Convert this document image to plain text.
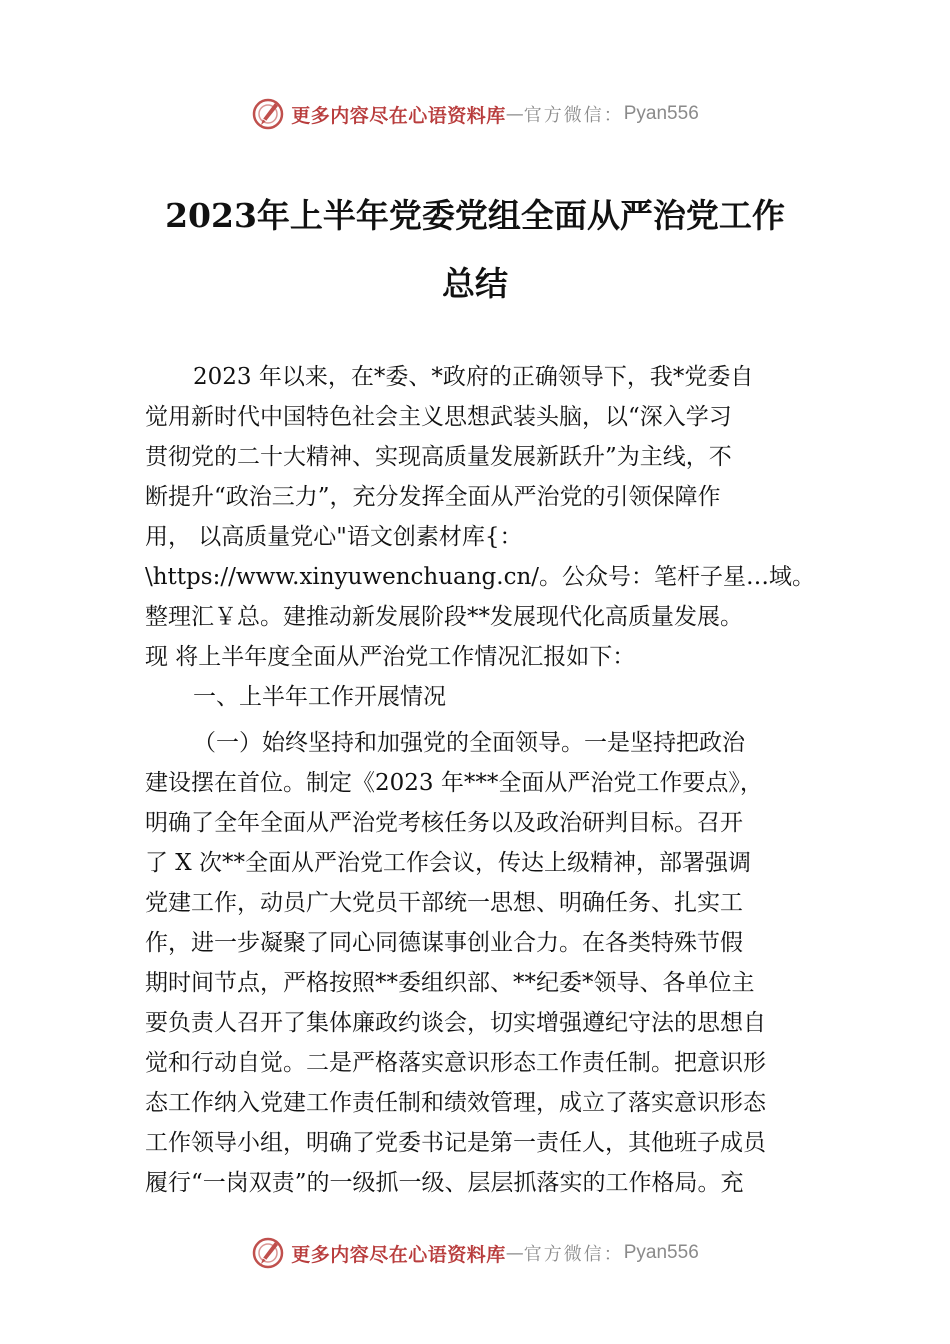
更多内容尽在心语资料库 — 官方微信： Pyan556
2023年上半年党委党组全面从严治党工作
总结
2023 年以来，在*委、*政府的正确领导下，我*党委自
觉用新时代中国特色社会主义思想武装头脑，以“深入学习
贯彻党的二十大精神、实现高质量发展新跃升”为主线，不
断提升“政治三力”，充分发挥全面从严治党的引领保障作
用， 以高质量党心"语文创素材库{：
\https://www.xinyuwenchuang.cn/。公众号：笔杆子星…域。
整理汇￥总。建推动新发展阶段**发展现代化高质量发展。
现 将上半年度全面从严治党工作情况汇报如下：
一、上半年工作开展情况
（一）始终坚持和加强党的全面领导。一是坚持把政治
建设摆在首位。制定《2023 年***全面从严治党工作要点》，
明确了全年全面从严治党考核任务以及政治研判目标。召开
了 X 次**全面从严治党工作会议，传达上级精神，部署强调
党建工作，动员广大党员干部统一思想、明确任务、扎实工
作，进一步凝聚了同心同德谋事创业合力。在各类特殊节假
期时间节点，严格按照**委组织部、**纪委*领导、各单位主
要负责人召开了集体廉政约谈会，切实增强遵纪守法的思想自
觉和行动自觉。二是严格落实意识形态工作责任制。把意识形
态工作纳入党建工作责任制和绩效管理，成立了落实意识形态
工作领导小组，明确了党委书记是第一责任人，其他班子成员
履行“一岗双责”的一级抓一级、层层抓落实的工作格局。充
更多内容尽在心语资料库 — 官方微信： Pyan556
